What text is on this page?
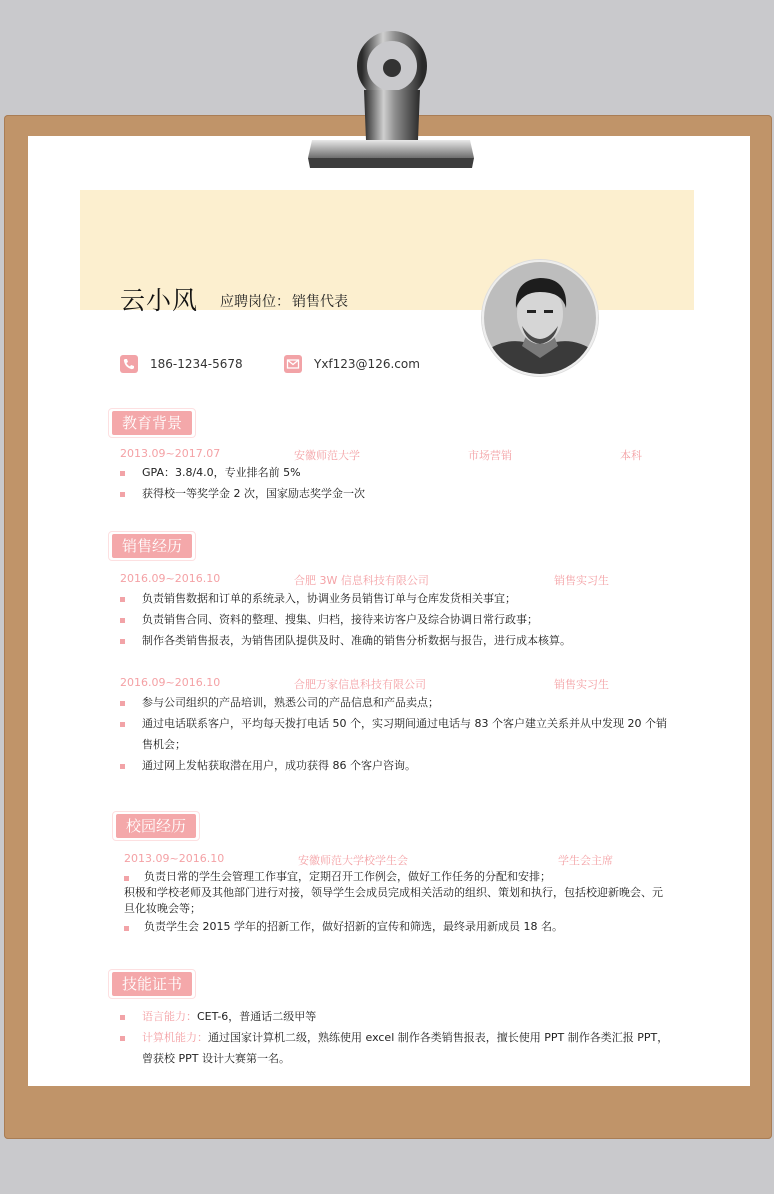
云小风 应聘岗位： 销售代表
186-1234-5678	Yxf123@126.com
教育背景
2013.09~2017.07	安徽师范大学	市场营销	本科
GPA：3.8/4.0，专业排名前 5%
获得校一等奖学金 2 次，国家励志奖学金一次
销售经历
2016.09~2016.10	合肥 3W 信息科技有限公司	销售实习生
负责销售数据和订单的系统录入，协调业务员销售订单与仓库发货相关事宜；
负责销售合同、资料的整理、搜集、归档，接待来访客户及综合协调日常行政事；
制作各类销售报表，为销售团队提供及时、准确的销售分析数据与报告，进行成本核算。
2016.09~2016.10	合肥万家信息科技有限公司	销售实习生
参与公司组织的产品培训，熟悉公司的产品信息和产品卖点；
通过电话联系客户，平均每天拨打电话 50 个，实习期间通过电话与 83 个客户建立关系并从中发现 20 个销
售机会；
通过网上发帖获取潜在用户，成功获得 86 个客户咨询。
校园经历
2013.09~2016.10	安徽师范大学校学生会	学生会主席
负责日常的学生会管理工作事宜，定期召开工作例会，做好工作任务的分配和安排；
积极和学校老师及其他部门进行对接，领导学生会成员完成相关活动的组织、策划和执行，包括校迎新晚会、元
旦化妆晚会等；
负责学生会 2015 学年的招新工作，做好招新的宣传和筛选，最终录用新成员 18 名。
技能证书
语言能力：CET-6，普通话二级甲等
计算机能力：通过国家计算机二级，熟练使用 excel 制作各类销售报表，擅长使用 PPT 制作各类汇报 PPT，
曾获校 PPT 设计大赛第一名。
